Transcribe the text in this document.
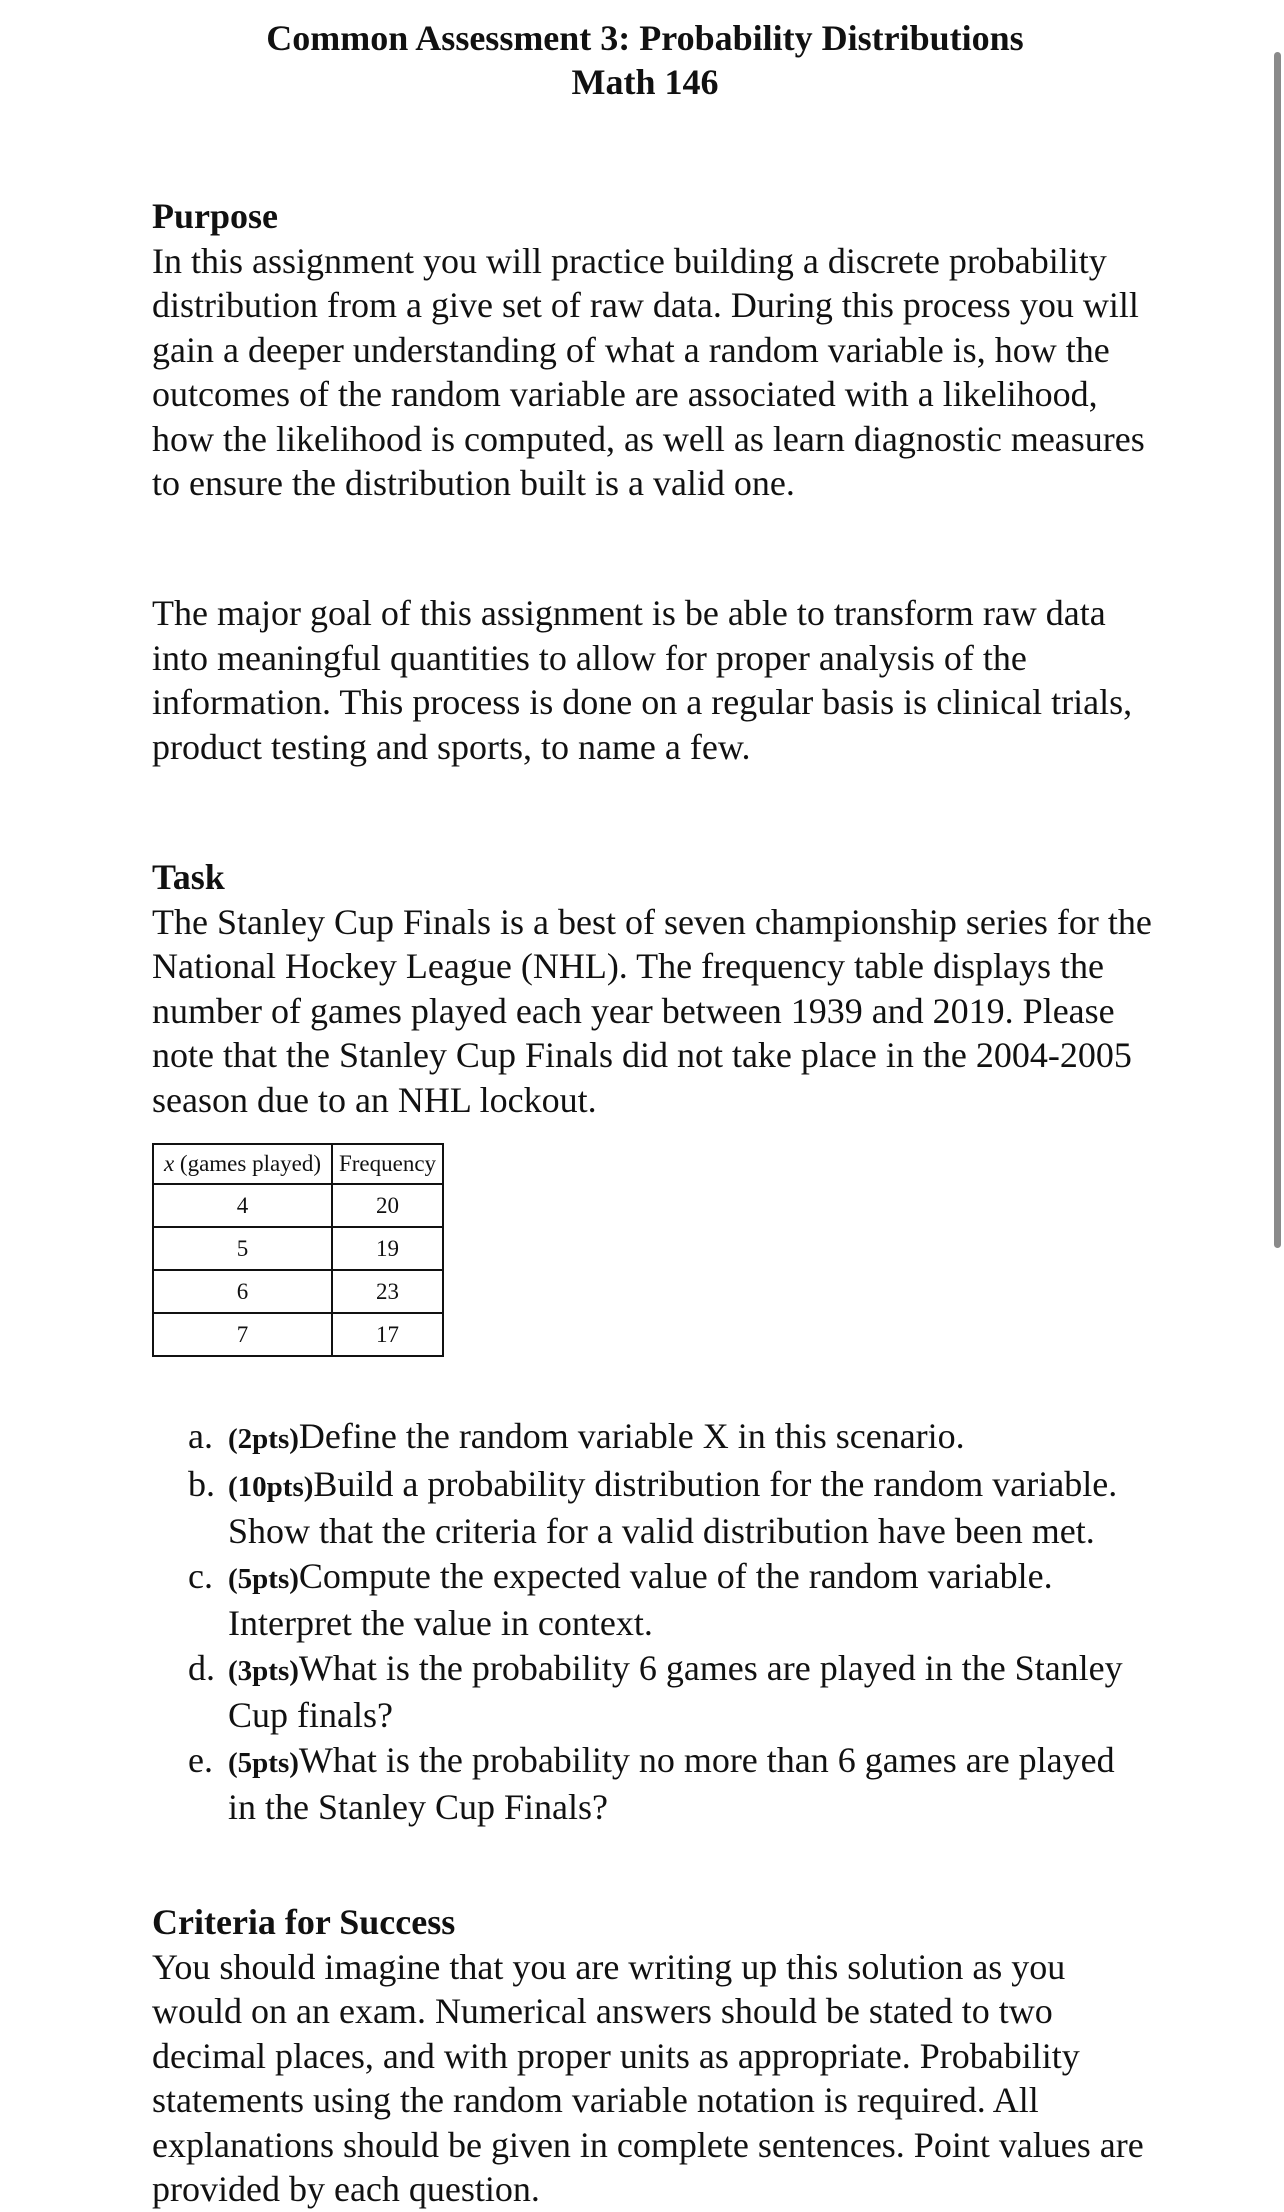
Common Assessment 3: Probability Distributions
Math 146
Purpose

In this assignment you will practice building a discrete probability distribution from a give set of raw data. During this process you will gain a deeper understanding of what a random variable is, how the outcomes of the random variable are associated with a likelihood, how the likelihood is computed, as well as learn diagnostic measures to ensure the distribution built is a valid one.

The major goal of this assignment is be able to transform raw data into meaningful quantities to allow for proper analysis of the information. This process is done on a regular basis is clinical trials, product testing and sports, to name a few.

Task

The Stanley Cup Finals is a best of seven championship series for the National Hockey League (NHL). The frequency table displays the number of games played each year between 1939 and 2019. Please note that the Stanley Cup Finals did not take place in the 2004-2005 season due to an NHL lockout.

x (games played)	Frequency
4	20
5	19
6	23
7	17
a. (2pts)Define the random variable X in this scenario.
b. (10pts)Build a probability distribution for the random variable. Show that the criteria for a valid distribution have been met.
c. (5pts)Compute the expected value of the random variable. Interpret the value in context.
d. (3pts)What is the probability 6 games are played in the Stanley Cup finals?
e. (5pts)What is the probability no more than 6 games are played in the Stanley Cup Finals?
Criteria for Success

You should imagine that you are writing up this solution as you would on an exam. Numerical answers should be stated to two decimal places, and with proper units as appropriate. Probability statements using the random variable notation is required. All explanations should be given in complete sentences. Point values are provided by each question.
